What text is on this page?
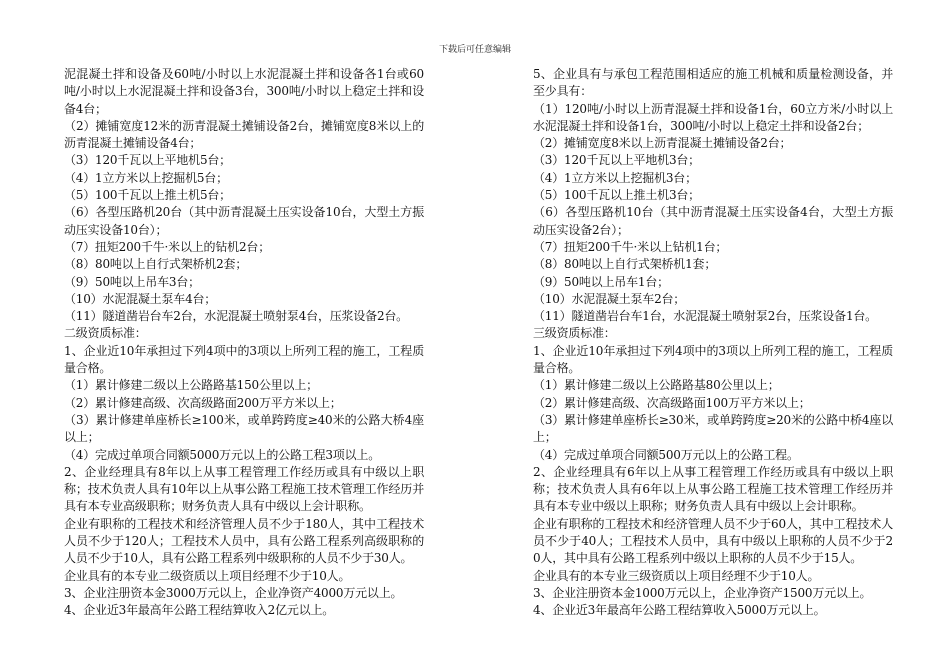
下载后可任意编辑

泥混凝土拌和设备及60吨/小时以上水泥混凝土拌和设备各1台或60吨/小时以上水泥混凝土拌和设备3台，300吨/小时以上稳定土拌和设备4台；

（2）摊铺宽度12米的沥青混凝土摊铺设备2台，摊铺宽度8米以上的沥青混凝土摊铺设备4台；

（3）120千瓦以上平地机5台；

（4）1立方米以上挖掘机5台；

（5）100千瓦以上推土机5台；

（6）各型压路机20台（其中沥青混凝土压实设备10台，大型土方振动压实设备10台）；

（7）扭矩200千牛·米以上的钻机2台；

（8）80吨以上自行式架桥机2套；

（9）50吨以上吊车3台；

（10）水泥混凝土泵车4台；

（11）隧道凿岩台车2台，水泥混凝土喷射泵4台，压浆设备2台。

二级资质标准：

1、企业近10年承担过下列4项中的3项以上所列工程的施工，工程质量合格。

（1）累计修建二级以上公路路基150公里以上；

（2）累计修建高级、次高级路面200万平方米以上；

（3）累计修建单座桥长≥100米，或单跨跨度≥40米的公路大桥4座以上；

（4）完成过单项合同额5000万元以上的公路工程3项以上。

2、企业经理具有8年以上从事工程管理工作经历或具有中级以上职称；技术负责人具有10年以上从事公路工程施工技术管理工作经历并具有本专业高级职称；财务负责人具有中级以上会计职称。

企业有职称的工程技术和经济管理人员不少于180人，其中工程技术人员不少于120人；工程技术人员中，具有公路工程系列高级职称的人员不少于10人，具有公路工程系列中级职称的人员不少于30人。

企业具有的本专业二级资质以上项目经理不少于10人。

3、企业注册资本金3000万元以上，企业净资产4000万元以上。

4、企业近3年最高年公路工程结算收入2亿元以上。

5、企业具有与承包工程范围相适应的施工机械和质量检测设备，并至少具有：

（1）120吨/小时以上沥青混凝土拌和设备1台，60立方米/小时以上水泥混凝土拌和设备1台，300吨/小时以上稳定土拌和设备2台；

（2）摊铺宽度8米以上沥青混凝土摊铺设备2台；

（3）120千瓦以上平地机3台；

（4）1立方米以上挖掘机3台；

（5）100千瓦以上推土机3台；

（6）各型压路机10台（其中沥青混凝土压实设备4台，大型土方振动压实设备2台）；

（7）扭矩200千牛·米以上钻机1台；

（8）80吨以上自行式架桥机1套；

（9）50吨以上吊车1台；

（10）水泥混凝土泵车2台；

（11）隧道凿岩台车1台，水泥混凝土喷射泵2台，压浆设备1台。

三级资质标准：

1、企业近10年承担过下列4项中的3项以上所列工程的施工，工程质量合格。

（1）累计修建二级以上公路路基80公里以上；

（2）累计修建高级、次高级路面100万平方米以上；

（3）累计修建单座桥长≥30米，或单跨跨度≥20米的公路中桥4座以上；

（4）完成过单项合同额500万元以上的公路工程。

2、企业经理具有6年以上从事工程管理工作经历或具有中级以上职称；技术负责人具有6年以上从事公路工程施工技术管理工作经历并具有本专业中级以上职称；财务负责人具有中级以上会计职称。

企业有职称的工程技术和经济管理人员不少于60人，其中工程技术人员不少于40人；工程技术人员中，具有中级以上职称的人员不少于20人，其中具有公路工程系列中级以上职称的人员不少于15人。

企业具有的本专业三级资质以上项目经理不少于10人。

3、企业注册资本金1000万元以上，企业净资产1500万元以上。

4、企业近3年最高年公路工程结算收入5000万元以上。
